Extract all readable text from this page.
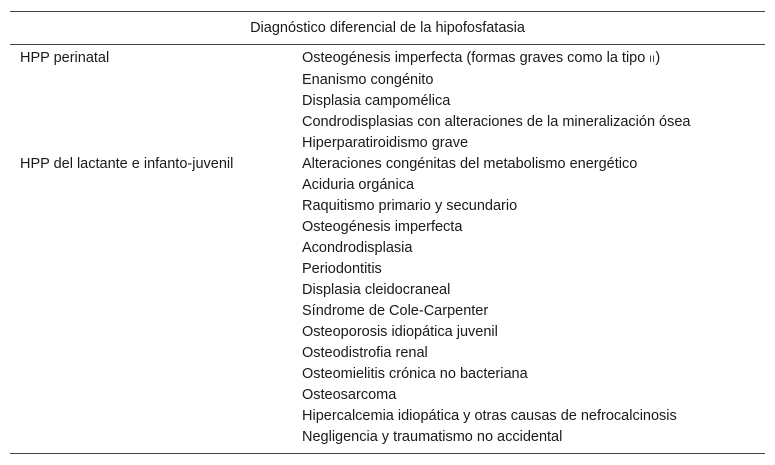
Diagnóstico diferencial de la hipofosfatasia
HPP perinatal	Osteogénesis imperfecta (formas graves como la tipo II)
Enanismo congénito
Displasia campomélica
Condrodisplasias con alteraciones de la mineralización ósea
Hiperparatiroidismo grave
HPP del lactante e infanto-juvenil	Alteraciones congénitas del metabolismo energético
Aciduria orgánica
Raquitismo primario y secundario
Osteogénesis imperfecta
Acondrodisplasia
Periodontitis
Displasia cleidocraneal
Síndrome de Cole-Carpenter
Osteoporosis idiopática juvenil
Osteodistrofia renal
Osteomielitis crónica no bacteriana
Osteosarcoma
Hipercalcemia idiopática y otras causas de nefrocalcinosis
Negligencia y traumatismo no accidental
